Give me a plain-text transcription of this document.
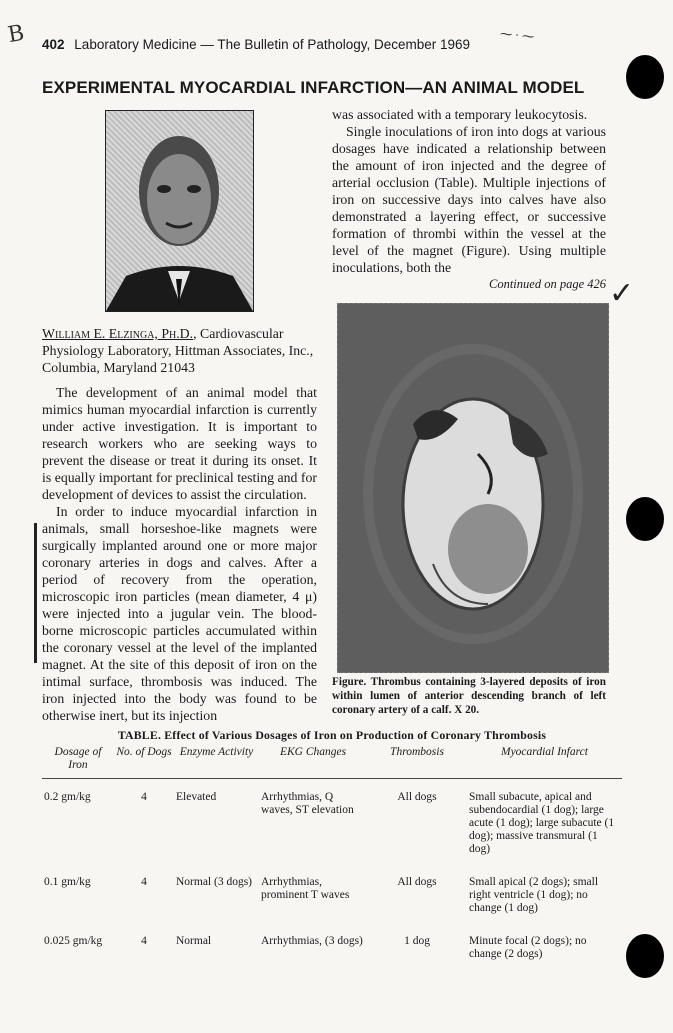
B 402 Laboratory Medicine — The Bulletin of Pathology, December 1969
⁓ · ⁓
EXPERIMENTAL MYOCARDIAL INFARCTION—AN ANIMAL MODEL

William E. Elzinga, Ph.D., Cardiovascular Physiology Laboratory, Hittman Associates, Inc., Columbia, Maryland 21043

The development of an animal model that mimics human myocardial infarction is currently under active investigation. It is important to research workers who are seeking ways to prevent the disease or treat it during its onset. It is equally important for preclinical testing and for development of devices to assist the circulation.

In order to induce myocardial infarction in animals, small horseshoe-like magnets were surgically implanted around one or more major coronary arteries in dogs and calves. After a period of recovery from the operation, microscopic iron particles (mean diameter, 4 μ) were injected into a jugular vein. The blood-borne microscopic particles accumulated within the coronary vessel at the level of the implanted magnet. At the site of this deposit of iron on the intimal surface, thrombosis was induced. The iron injected into the body was found to be otherwise inert, but its injection

was associated with a temporary leukocytosis.

Single inoculations of iron into dogs at various dosages have indicated a relationship between the amount of iron injected and the degree of arterial occlusion (Table). Multiple injections of iron on successive days into calves have also demonstrated a layering effect, or successive formation of thrombi within the vessel at the level of the magnet (Figure). Using multiple inoculations, both the

Continued on page 426 ✓
Figure. Thrombus containing 3-layered deposits of iron within lumen of anterior descending branch of left coronary artery of a calf. X 20.
TABLE. Effect of Various Dosages of Iron on Production of Coronary Thrombosis
Dosage of Iron	No. of Dogs	Enzyme Activity	EKG Changes	Thrombosis	Myocardial Infarct
0.2 gm/kg	4	Elevated	Arrhythmias, Q waves, ST elevation	All dogs	Small subacute, apical and subendocardial (1 dog); large acute (1 dog); large subacute (1 dog); massive transmural (1 dog)
0.1 gm/kg	4	Normal (3 dogs)	Arrhythmias, prominent T waves	All dogs	Small apical (2 dogs); small right ventricle (1 dog); no change (1 dog)
0.025 gm/kg	4	Normal	Arrhythmias, (3 dogs)	1 dog	Minute focal (2 dogs); no change (2 dogs)
